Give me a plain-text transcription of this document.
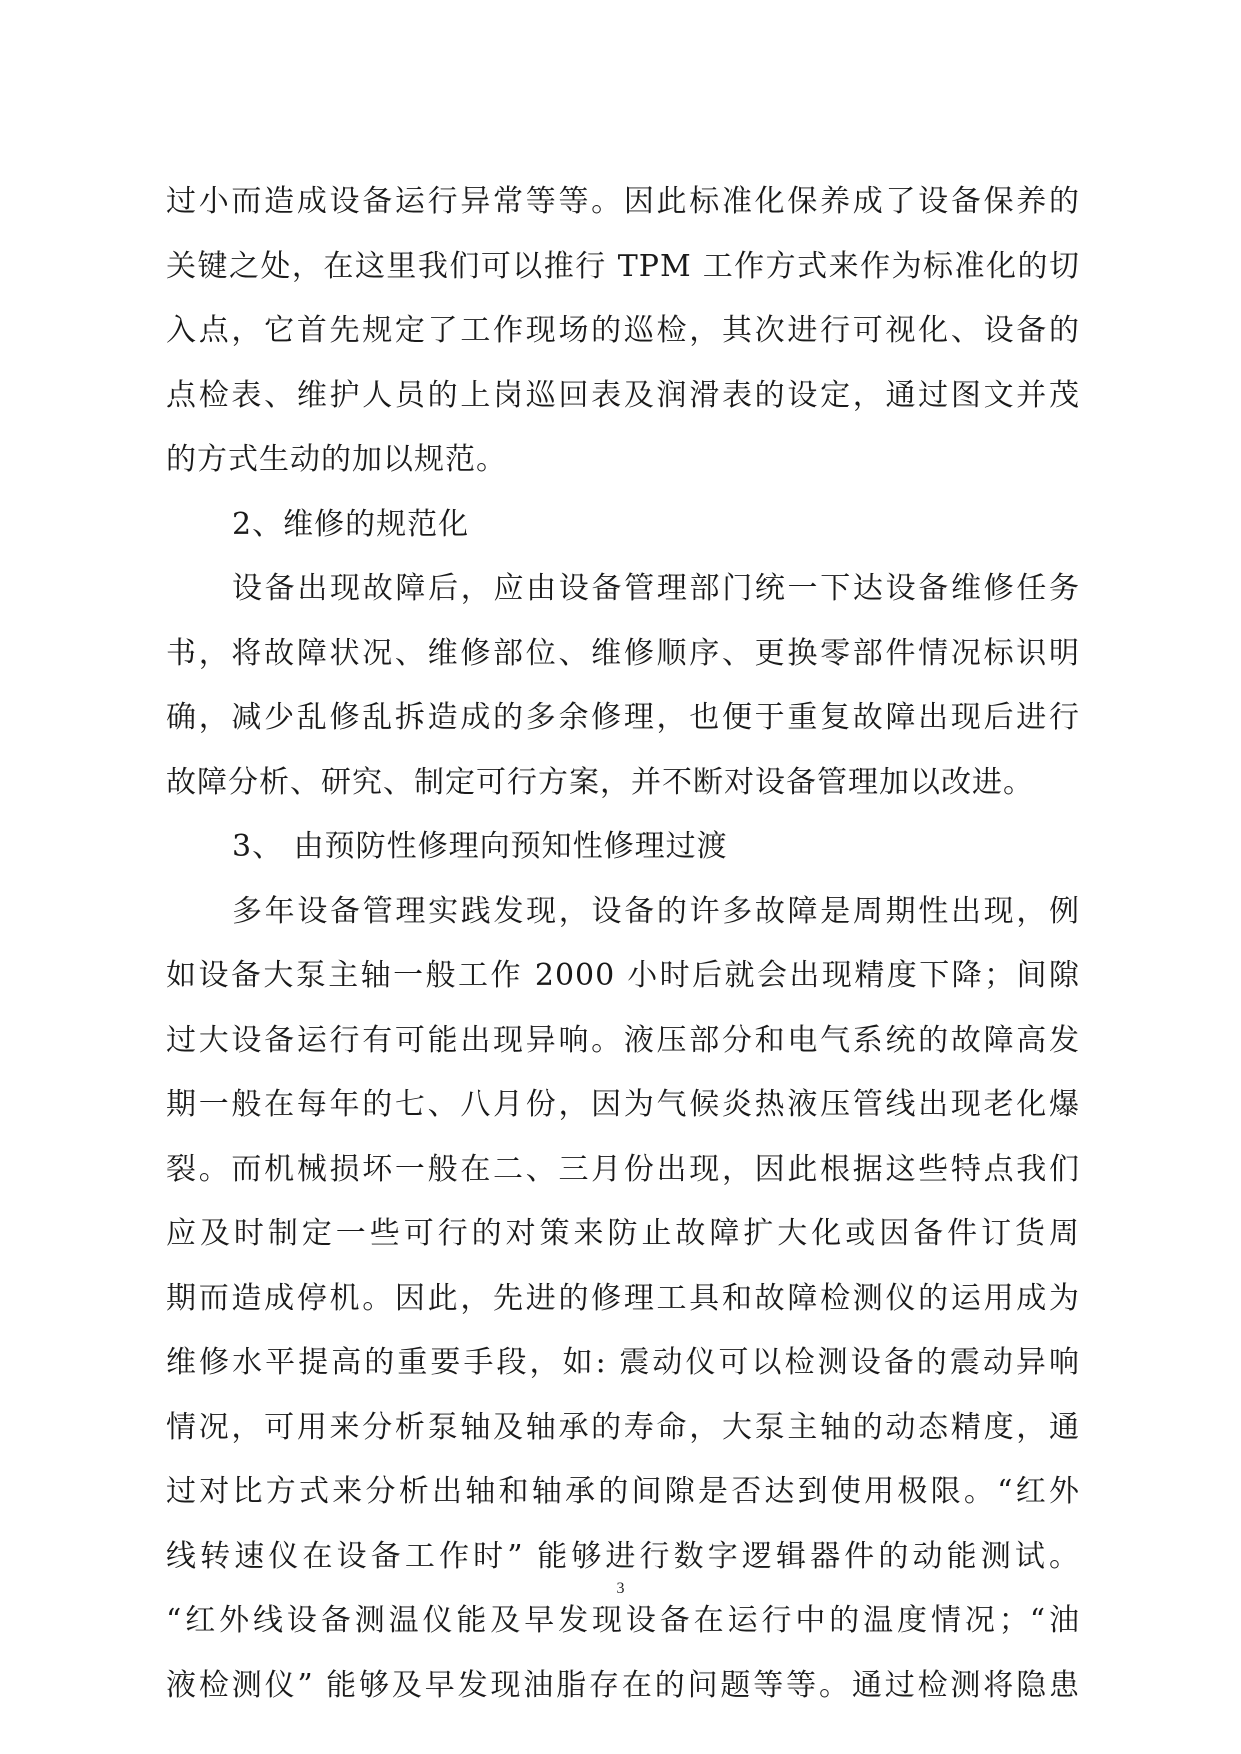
过小而造成设备运行异常等等。因此标准化保养成了设备保养的
关键之处，在这里我们可以推行 TPM 工作方式来作为标准化的切
入点，它首先规定了工作现场的巡检，其次进行可视化、设备的
点检表、维护人员的上岗巡回表及润滑表的设定，通过图文并茂
的方式生动的加以规范。
2、维修的规范化
设备出现故障后，应由设备管理部门统一下达设备维修任务
书，将故障状况、维修部位、维修顺序、更换零部件情况标识明
确，减少乱修乱拆造成的多余修理，也便于重复故障出现后进行
故障分析、研究、制定可行方案，并不断对设备管理加以改进。
3、 由预防性修理向预知性修理过渡
多年设备管理实践发现，设备的许多故障是周期性出现，例
如设备大泵主轴一般工作 2000 小时后就会出现精度下降；间隙
过大设备运行有可能出现异响。液压部分和电气系统的故障高发
期一般在每年的七、八月份，因为气候炎热液压管线出现老化爆
裂。而机械损坏一般在二、三月份出现，因此根据这些特点我们
应及时制定一些可行的对策来防止故障扩大化或因备件订货周
期而造成停机。因此，先进的修理工具和故障检测仪的运用成为
维修水平提高的重要手段，如: 震动仪可以检测设备的震动异响
情况，可用来分析泵轴及轴承的寿命，大泵主轴的动态精度，通
过对比方式来分析出轴和轴承的间隙是否达到使用极限。“红外
线转速仪在设备工作时” 能够进行数字逻辑器件的动能测试。
“红外线设备测温仪能及早发现设备在运行中的温度情况；“油
液检测仪” 能够及早发现油脂存在的问题等等。通过检测将隐患
3
